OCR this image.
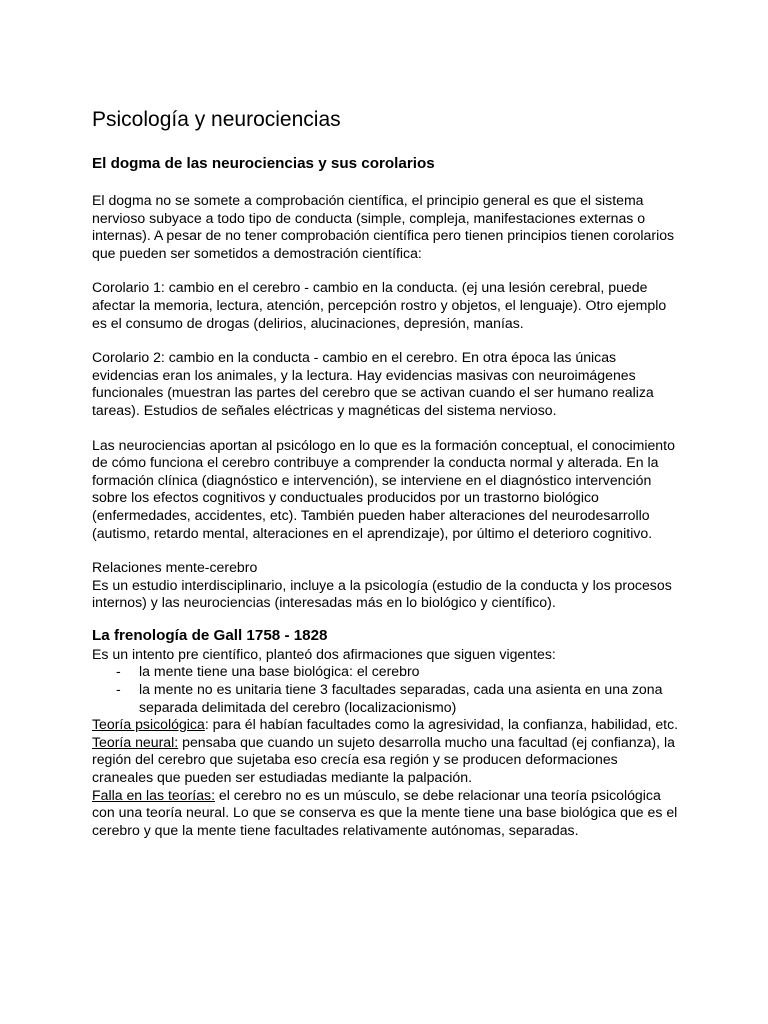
Psicología y neurociencias
El dogma de las neurociencias y sus corolarios

El dogma no se somete a comprobación científica, el principio general es que el sistema nervioso subyace a todo tipo de conducta (simple, compleja, manifestaciones externas o internas). A pesar de no tener comprobación científica pero tienen principios tienen corolarios que pueden ser sometidos a demostración científica:

Corolario 1: cambio en el cerebro - cambio en la conducta. (ej una lesión cerebral, puede afectar la memoria, lectura, atención, percepción rostro y objetos, el lenguaje). Otro ejemplo es el consumo de drogas (delirios, alucinaciones, depresión, manías.

Corolario 2: cambio en la conducta - cambio en el cerebro. En otra época las únicas evidencias eran los animales, y la lectura. Hay evidencias masivas con neuroimágenes funcionales (muestran las partes del cerebro que se activan cuando el ser humano realiza tareas). Estudios de señales eléctricas y magnéticas del sistema nervioso.

Las neurociencias aportan al psicólogo en lo que es la formación conceptual, el conocimiento de cómo funciona el cerebro contribuye a comprender la conducta normal y alterada. En la formación clínica (diagnóstico e intervención), se interviene en el diagnóstico intervención sobre los efectos cognitivos y conductuales producidos por un trastorno biológico (enfermedades, accidentes, etc). También pueden haber alteraciones del neurodesarrollo (autismo, retardo mental, alteraciones en el aprendizaje), por último el deterioro cognitivo.

Relaciones mente-cerebro

Es un estudio interdisciplinario, incluye a la psicología (estudio de la conducta y los procesos internos) y las neurociencias (interesadas más en lo biológico y científico).

La frenología de Gall 1758 - 1828

Es un intento pre científico, planteó dos afirmaciones que siguen vigentes:

- la mente tiene una base biológica: el cerebro
- la mente no es unitaria tiene 3 facultades separadas, cada una asienta en una zona separada delimitada del cerebro (localizacionismo)

Teoría psicológica: para él habían facultades como la agresividad, la confianza, habilidad, etc.

Teoría neural: pensaba que cuando un sujeto desarrolla mucho una facultad (ej confianza), la región del cerebro que sujetaba eso crecía esa región y se producen deformaciones craneales que pueden ser estudiadas mediante la palpación.

Falla en las teorías: el cerebro no es un músculo, se debe relacionar una teoría psicológica con una teoría neural. Lo que se conserva es que la mente tiene una base biológica que es el cerebro y que la mente tiene facultades relativamente autónomas, separadas.
